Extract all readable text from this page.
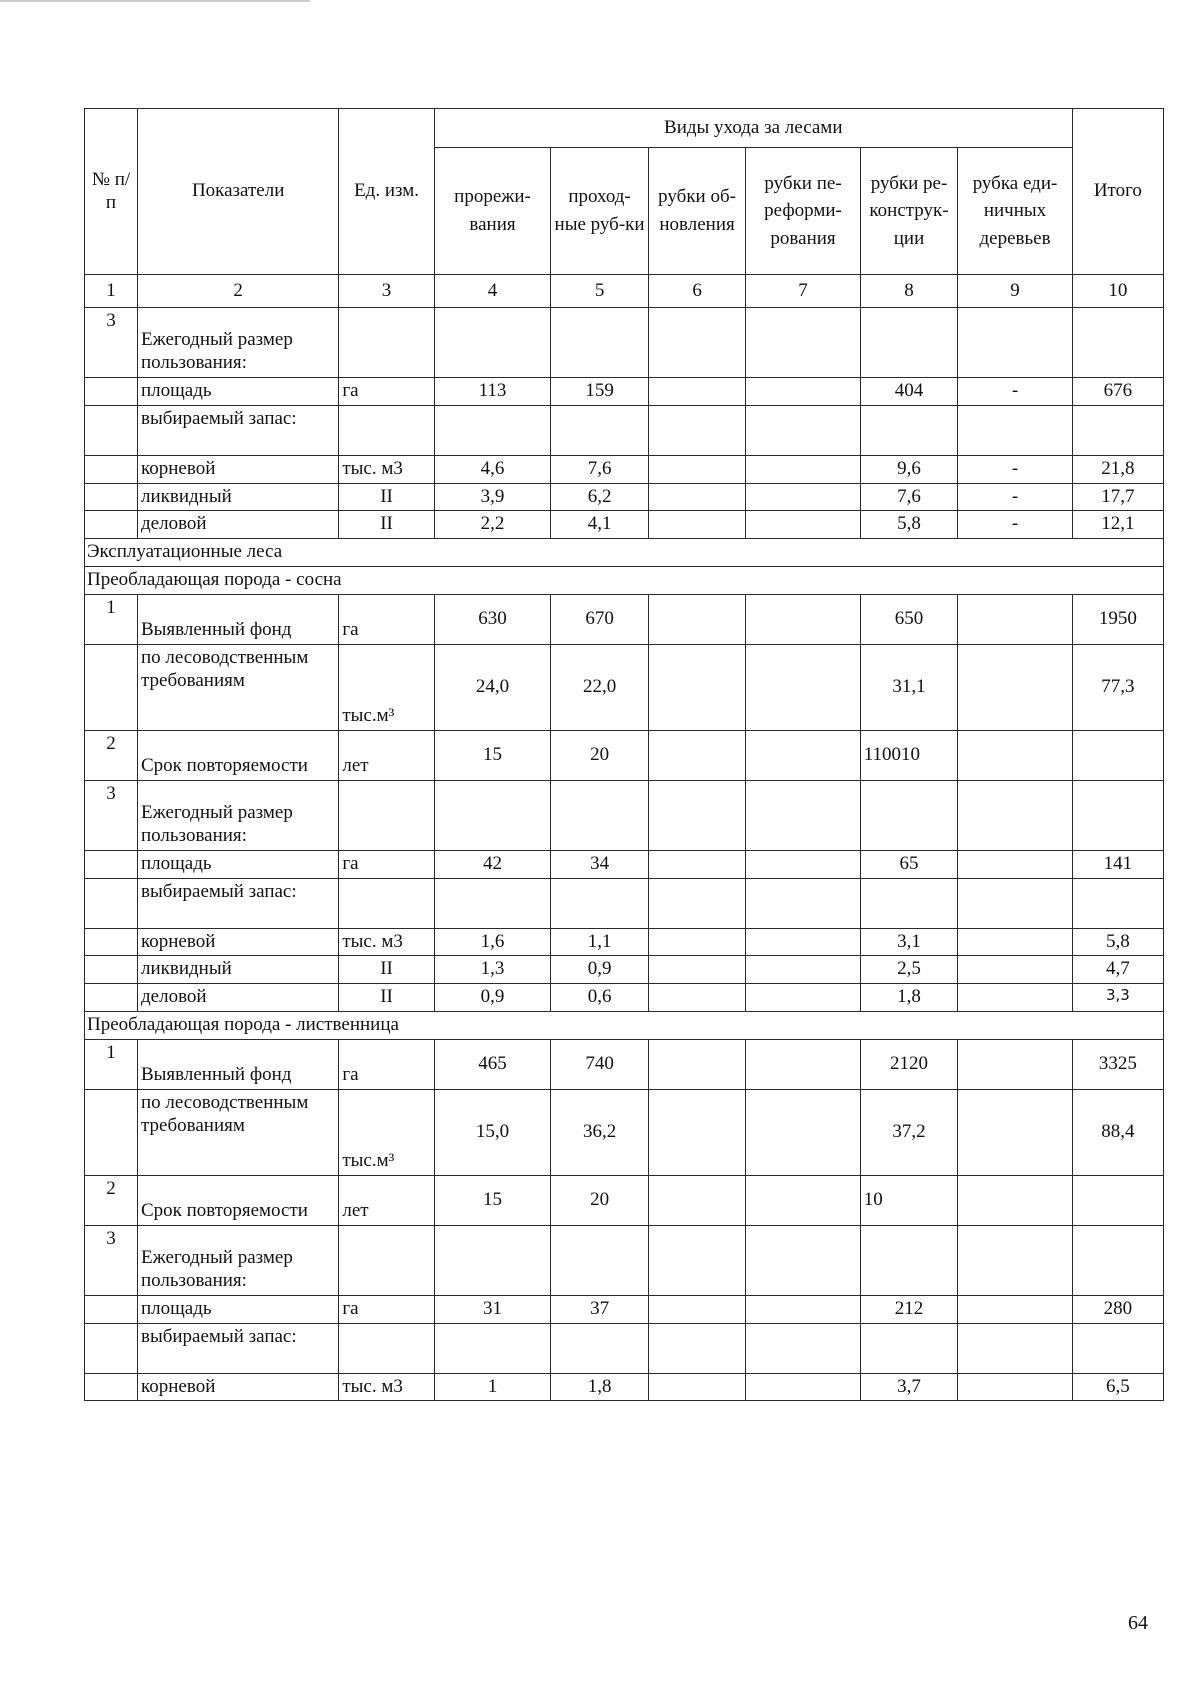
№ п/п	Показатели	Ед. изм.	Виды ухода за лесами						Итого
			прорежи-вания	проход-ные руб-ки	рубки об-новления	рубки пе-реформи-рования	рубки ре-конструк-ции	рубка еди-ничных деревьев	
1	2	3	4	5	6	7	8	9	10
3	Ежегодный размер пользования:								
	площадь	га	113	159			404	-	676
	выбираемый запас:								
	корневой	тыс. м3	4,6	7,6			9,6	-	21,8
	ликвидный	II	3,9	6,2			7,6	-	17,7
	деловой	II	2,2	4,1			5,8	-	12,1
Эксплуатационные леса									
Преобладающая порода - сосна									
1	Выявленный фонд	га	630	670			650		1950
	по лесоводственным требованиям	тыс.м³	24,0	22,0			31,1		77,3
2	Срок повторяемости	лет	15	20			110010		
3	Ежегодный размер пользования:								
	площадь	га	42	34			65		141
	выбираемый запас:								
	корневой	тыс. м3	1,6	1,1			3,1		5,8
	ликвидный	II	1,3	0,9			2,5		4,7
	деловой	II	0,9	0,6			1,8		3,3
Преобладающая порода - лиственница									
1	Выявленный фонд	га	465	740			2120		3325
	по лесоводственным требованиям	тыс.м³	15,0	36,2			37,2		88,4
2	Срок повторяемости	лет	15	20			10		
3	Ежегодный размер пользования:								
	площадь	га	31	37			212		280
	выбираемый запас:								
	корневой	тыс. м3	1	1,8			3,7		6,5
64
